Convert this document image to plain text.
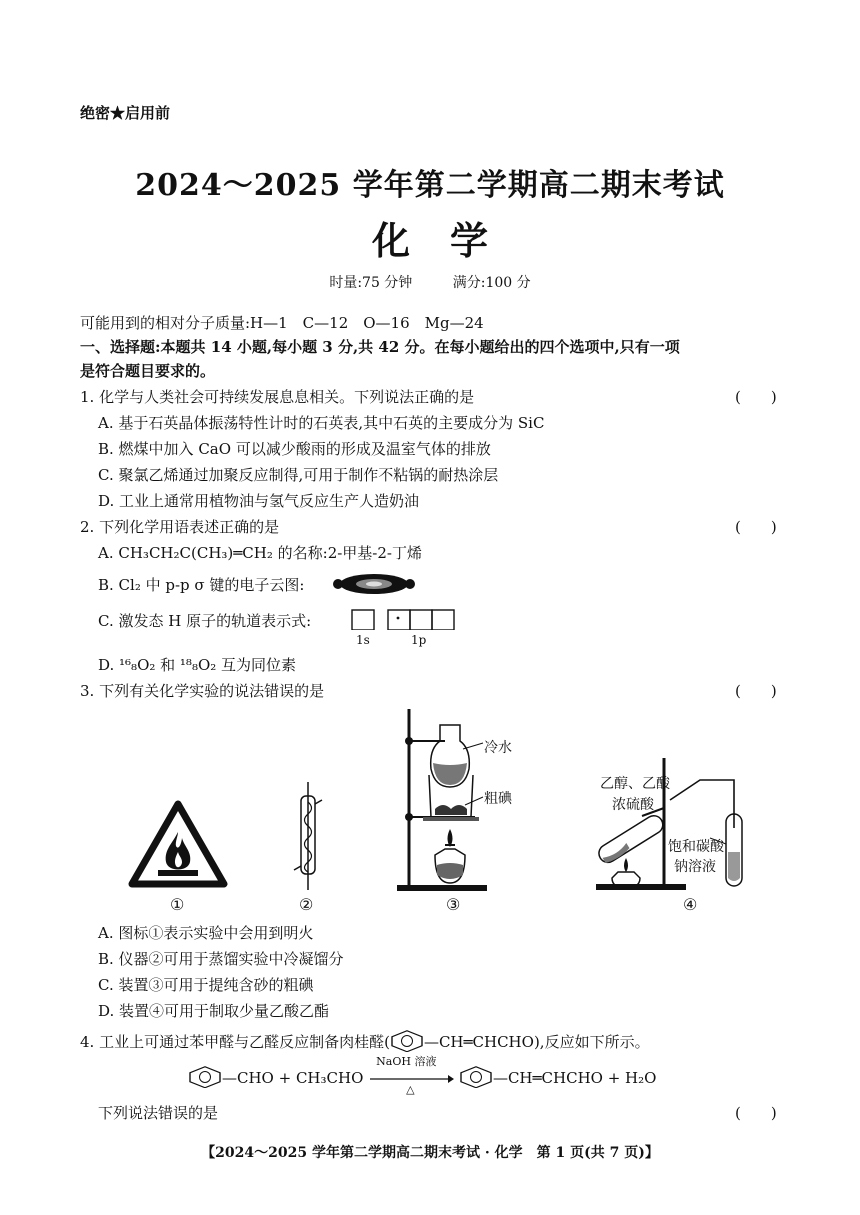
绝密★启用前
2024～2025 学年第二学期高二期末考试
化学
时量:75 分钟	满分:100 分
可能用到的相对分子质量:H—1　C—12　O—16　Mg—24
一、选择题:本题共 14 小题,每小题 3 分,共 42 分。在每小题给出的四个选项中,只有一项
是符合题目要求的。
1. 化学与人类社会可持续发展息息相关。下列说法正确的是	(　　)
A. 基于石英晶体振荡特性计时的石英表,其中石英的主要成分为 SiC
B. 燃煤中加入 CaO 可以减少酸雨的形成及温室气体的排放
C. 聚氯乙烯通过加聚反应制得,可用于制作不粘锅的耐热涂层
D. 工业上通常用植物油与氢气反应生产人造奶油
2. 下列化学用语表述正确的是	(　　)
A. CH₃CH₂C(CH₃)═CH₂ 的名称:2-甲基-2-丁烯
B. Cl₂ 中 p-p σ 键的电子云图:
C. 激发态 H 原子的轨道表示式:
1s	1p
D. ¹⁶₈O₂ 和 ¹⁸₈O₂ 互为同位素
3. 下列有关化学实验的说法错误的是	(　　)
①	②
冷水
粗碘
③
乙醇、乙酸
浓硫酸
饱和碳酸
钠溶液
④
A. 图标①表示实验中会用到明火
B. 仪器②可用于蒸馏实验中冷凝馏分
C. 装置③可用于提纯含砂的粗碘
D. 装置④可用于制取少量乙酸乙酯
4. 工业上可通过苯甲醛与乙醛反应制备肉桂醛( —CH═CHCHO),反应如下所示。
—CHO + CH₃CHO
NaOH 溶液
△
—CH═CHCHO + H₂O
下列说法错误的是	(　　)
【2024～2025 学年第二学期高二期末考试 · 化学　第 1 页(共 7 页)】
